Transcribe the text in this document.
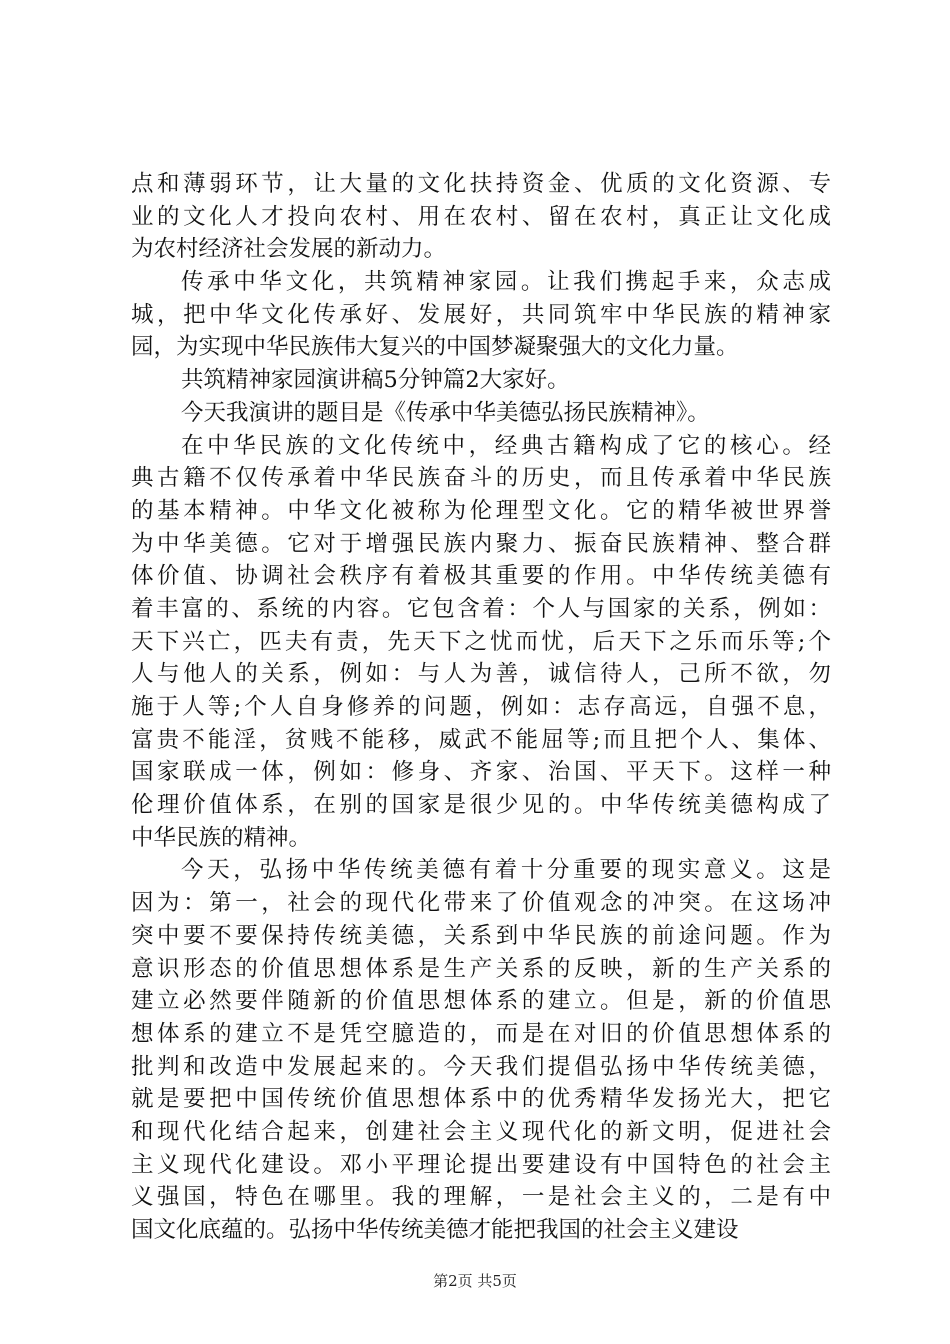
点和薄弱环节，让大量的文化扶持资金、优质的文化资源、专
业的文化人才投向农村、用在农村、留在农村，真正让文化成
为农村经济社会发展的新动力。
传承中华文化，共筑精神家园。让我们携起手来，众志成
城，把中华文化传承好、发展好，共同筑牢中华民族的精神家
园，为实现中华民族伟大复兴的中国梦凝聚强大的文化力量。
共筑精神家园演讲稿5分钟篇2大家好。
今天我演讲的题目是《传承中华美德弘扬民族精神》。
在中华民族的文化传统中，经典古籍构成了它的核心。经
典古籍不仅传承着中华民族奋斗的历史，而且传承着中华民族
的基本精神。中华文化被称为伦理型文化。它的精华被世界誉
为中华美德。它对于增强民族内聚力、振奋民族精神、整合群
体价值、协调社会秩序有着极其重要的作用。中华传统美德有
着丰富的、系统的内容。它包含着：个人与国家的关系，例如：
天下兴亡，匹夫有责，先天下之忧而忧，后天下之乐而乐等;个
人与他人的关系，例如：与人为善，诚信待人，己所不欲，勿
施于人等;个人自身修养的问题，例如：志存高远，自强不息，
富贵不能淫，贫贱不能移，威武不能屈等;而且把个人、集体、
国家联成一体，例如：修身、齐家、治国、平天下。这样一种
伦理价值体系，在别的国家是很少见的。中华传统美德构成了
中华民族的精神。
今天，弘扬中华传统美德有着十分重要的现实意义。这是
因为：第一，社会的现代化带来了价值观念的冲突。在这场冲
突中要不要保持传统美德，关系到中华民族的前途问题。作为
意识形态的价值思想体系是生产关系的反映，新的生产关系的
建立必然要伴随新的价值思想体系的建立。但是，新的价值思
想体系的建立不是凭空臆造的，而是在对旧的价值思想体系的
批判和改造中发展起来的。今天我们提倡弘扬中华传统美德，
就是要把中国传统价值思想体系中的优秀精华发扬光大，把它
和现代化结合起来，创建社会主义现代化的新文明，促进社会
主义现代化建设。邓小平理论提出要建设有中国特色的社会主
义强国，特色在哪里。我的理解，一是社会主义的，二是有中
国文化底蕴的。弘扬中华传统美德才能把我国的社会主义建设
第2页 共5页
